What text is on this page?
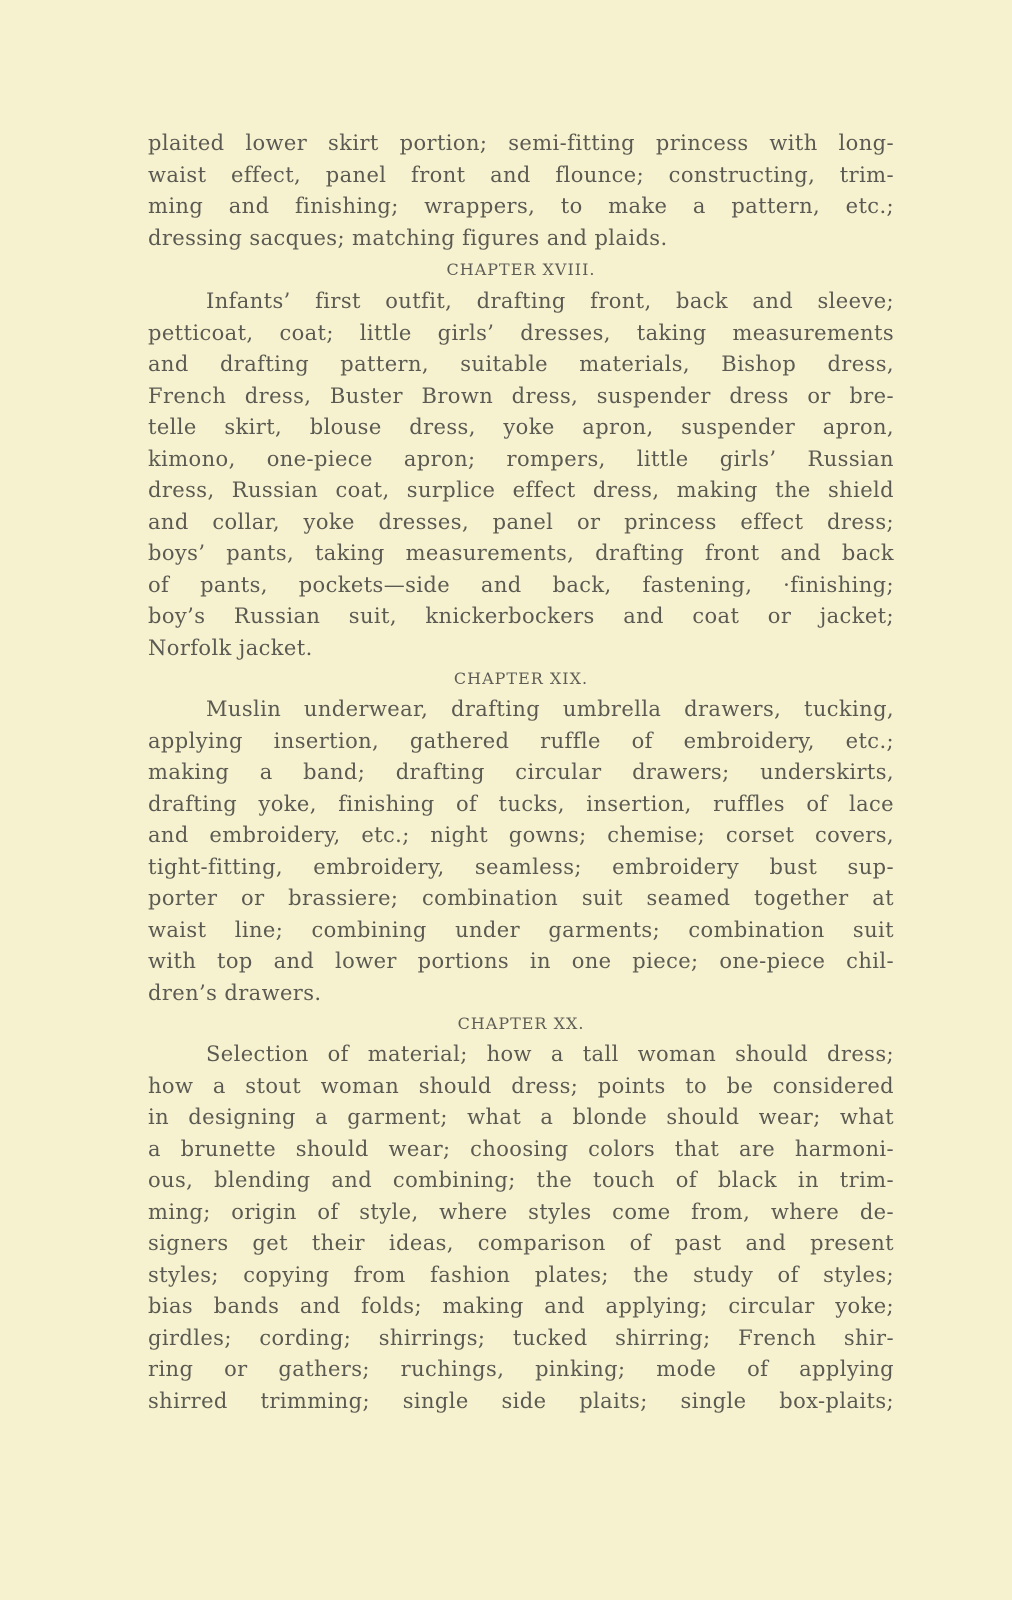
plaited lower skirt portion; semi-fitting princess with long-
waist effect, panel front and flounce; constructing, trim-
ming and finishing; wrappers, to make a pattern, etc.;
dressing sacques; matching figures and plaids.
CHAPTER XVIII.
Infants’ first outfit, drafting front, back and sleeve;
petticoat, coat; little girls’ dresses, taking measurements
and drafting pattern, suitable materials, Bishop dress,
French dress, Buster Brown dress, suspender dress or bre-
telle skirt, blouse dress, yoke apron, suspender apron,
kimono, one-piece apron; rompers, little girls’ Russian
dress, Russian coat, surplice effect dress, making the shield
and collar, yoke dresses, panel or princess effect dress;
boys’ pants, taking measurements, drafting front and back
of pants, pockets—side and back, fastening, ·finishing;
boy’s Russian suit, knickerbockers and coat or jacket;
Norfolk jacket.
CHAPTER XIX.
Muslin underwear, drafting umbrella drawers, tucking,
applying insertion, gathered ruffle of embroidery, etc.;
making a band; drafting circular drawers; underskirts,
drafting yoke, finishing of tucks, insertion, ruffles of lace
and embroidery, etc.; night gowns; chemise; corset covers,
tight-fitting, embroidery, seamless; embroidery bust sup-
porter or brassiere; combination suit seamed together at
waist line; combining under garments; combination suit
with top and lower portions in one piece; one-piece chil-
dren’s drawers.
CHAPTER XX.
Selection of material; how a tall woman should dress;
how a stout woman should dress; points to be considered
in designing a garment; what a blonde should wear; what
a brunette should wear; choosing colors that are harmoni-
ous, blending and combining; the touch of black in trim-
ming; origin of style, where styles come from, where de-
signers get their ideas, comparison of past and present
styles; copying from fashion plates; the study of styles;
bias bands and folds; making and applying; circular yoke;
girdles; cording; shirrings; tucked shirring; French shir-
ring or gathers; ruchings, pinking; mode of applying
shirred trimming; single side plaits; single box-plaits;
